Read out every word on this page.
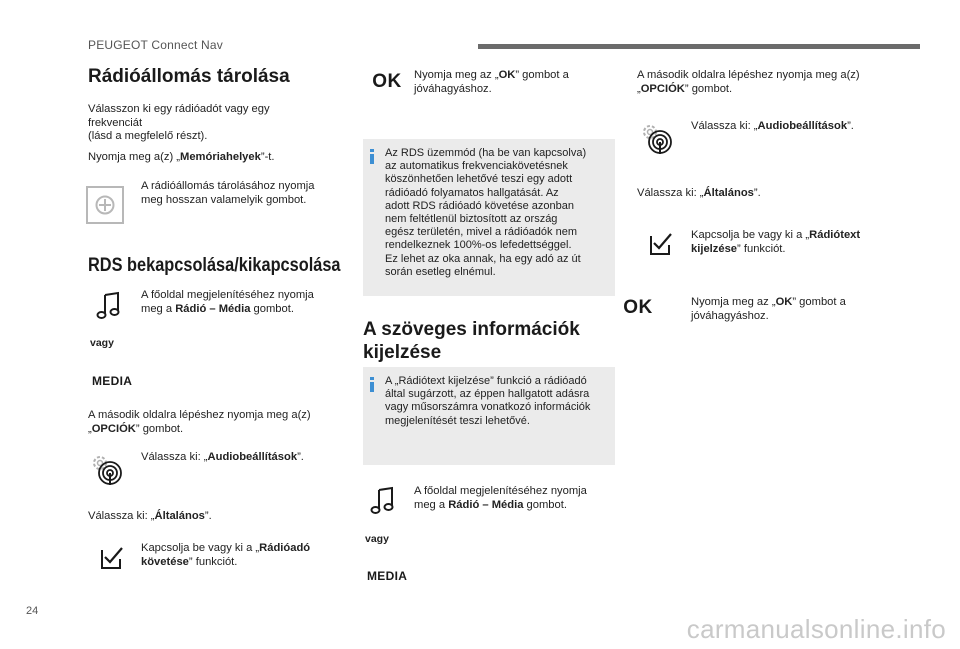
PEUGEOT Connect Nav
Rádióállomás tárolása
Válasszon ki egy rádióadót vagy egy
frekvenciát
(lásd a megfelelő részt).
Nyomja meg a(z) „Memóriahelyek”-t.
A rádióállomás tárolásához nyomja
meg hosszan valamelyik gombot.
RDS bekapcsolása/kikapcsolása
A főoldal megjelenítéséhez nyomja
meg a Rádió – Média gombot.
vagy
MEDIA
A második oldalra lépéshez nyomja meg a(z)
„OPCIÓK” gombot.
Válassza ki: „Audiobeállítások”.
Válassza ki: „Általános”.
Kapcsolja be vagy ki a „Rádióadó
követése” funkciót.
OK	Nyomja meg az „OK” gombot a
jóváhagyáshoz.
Az RDS üzemmód (ha be van kapcsolva)
az automatikus frekvenciakövetésnek
köszönhetően lehetővé teszi egy adott
rádióadó folyamatos hallgatását. Az
adott RDS rádióadó követése azonban
nem feltétlenül biztosított az ország
egész területén, mivel a rádióadók nem
rendelkeznek 100%-os lefedettséggel.
Ez lehet az oka annak, ha egy adó az út
során esetleg elnémul.
A szöveges információk
kijelzése
A „Rádiótext kijelzése” funkció a rádióadó
által sugárzott, az éppen hallgatott adásra
vagy műsorszámra vonatkozó információk
megjelenítését teszi lehetővé.
A főoldal megjelenítéséhez nyomja
meg a Rádió – Média gombot.
vagy
MEDIA
A második oldalra lépéshez nyomja meg a(z)
„OPCIÓK” gombot.
Válassza ki: „Audiobeállítások”.
Válassza ki: „Általános”.
Kapcsolja be vagy ki a „Rádiótext
kijelzése” funkciót.
OK	Nyomja meg az „OK” gombot a
jóváhagyáshoz.
24
carmanualsonline.info
